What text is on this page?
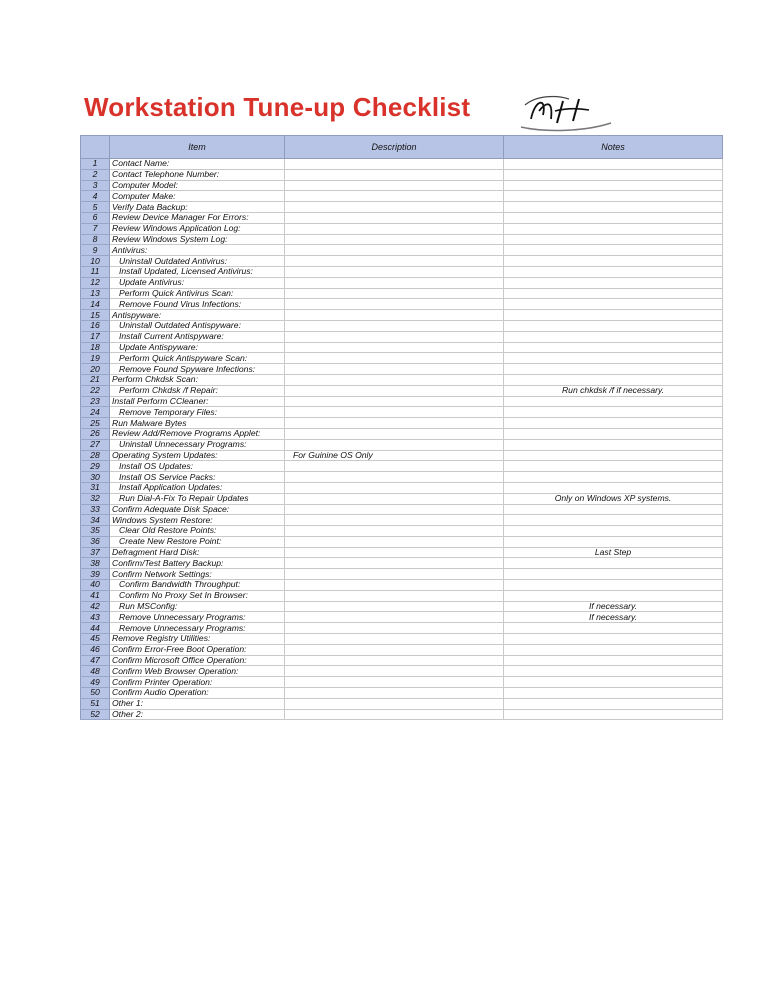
Workstation Tune-up Checklist
	Item	Description	Notes
1	Contact Name:		
2	Contact Telephone Number:		
3	Computer Model:		
4	Computer Make:		
5	Verify Data Backup:		
6	Review Device Manager For Errors:		
7	Review Windows Application Log:		
8	Review Windows System Log:		
9	Antivirus:		
10	Uninstall Outdated Antivirus:		
11	Install Updated, Licensed Antivirus:		
12	Update Antivirus:		
13	Perform Quick Antivirus Scan:		
14	Remove Found Virus Infections:		
15	Antispyware:		
16	Uninstall Outdated Antispyware:		
17	Install Current Antispyware:		
18	Update Antispyware:		
19	Perform Quick Antispyware Scan:		
20	Remove Found Spyware Infections:		
21	Perform Chkdsk Scan:		
22	Perform Chkdsk /f Repair:		Run chkdsk /f if necessary.
23	Install Perform CCleaner:		
24	Remove Temporary Files:		
25	Run Malware Bytes		
26	Review Add/Remove Programs Applet:		
27	Uninstall Unnecessary Programs:		
28	Operating System Updates:	For Guinine OS Only	
29	Install OS Updates:		
30	Install OS Service Packs:		
31	Install Application Updates:		
32	Run Dial-A-Fix To Repair Updates		Only on Windows XP systems.
33	Confirm Adequate Disk Space:		
34	Windows System Restore:		
35	Clear Old Restore Points:		
36	Create New Restore Point:		
37	Defragment Hard Disk:		Last Step
38	Confirm/Test Battery Backup:		
39	Confirm Network Settings:		
40	Confirm Bandwidth Throughput:		
41	Confirm No Proxy Set In Browser:		
42	Run MSConfig:		If necessary.
43	Remove Unnecessary Programs:		If necessary.
44	Remove Unnecessary Programs:		
45	Remove Registry Utilities:		
46	Confirm Error-Free Boot Operation:		
47	Confirm Microsoft Office Operation:		
48	Confirm Web Browser Operation:		
49	Confirm Printer Operation:		
50	Confirm Audio Operation:		
51	Other 1:		
52	Other 2:		
